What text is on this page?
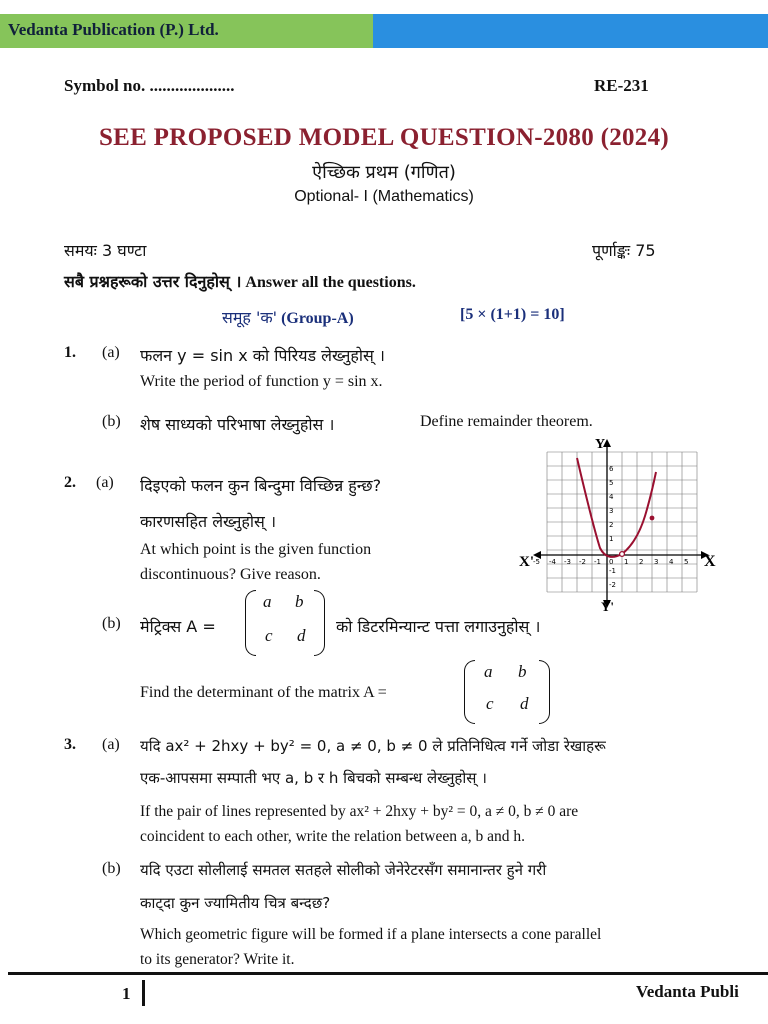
Vedanta Publication (P.) Ltd.
Symbol no. ....................	RE-231
SEE PROPOSED MODEL QUESTION-2080 (2024)
ऐच्छिक प्रथम (गणित)
Optional- I (Mathematics)
समयः 3 घण्टा	पूर्णाङ्कः 75
सबै प्रश्नहरूको उत्तर दिनुहोस् । Answer all the questions.
समूह 'क' (Group-A)	[5 × (1+1) = 10]
1. (a) फलन y = sin x को पिरियड लेख्नुहोस् ।
Write the period of function y = sin x.
(b) शेष साध्यको परिभाषा लेख्नुहोस ।	Define remainder theorem.
2. (a) दिइएको फलन कुन बिन्दुमा विच्छिन्न हुन्छ?
कारणसहित लेख्नुहोस् ।
At which point is the given function
discontinuous? Give reason.
Y
Y'
X
X' -5 -4 -3 -2 -1 0 1 2 3 4 5
6
5
4
3
2
1
-1
-2
(b) मेट्रिक्स A =
a b
c d को डिटरमिन्यान्ट पत्ता लगाउनुहोस् ।
Find the determinant of the matrix A =
a b
c d
3. (a) यदि ax² + 2hxy + by² = 0, a ≠ 0, b ≠ 0 ले प्रतिनिधित्व गर्ने जोडा रेखाहरू
एक-आपसमा सम्पाती भए a, b र h बिचको सम्बन्ध लेख्नुहोस् ।
If the pair of lines represented by ax² + 2hxy + by² = 0, a ≠ 0, b ≠ 0 are
coincident to each other, write the relation between a, b and h.
(b) यदि एउटा सोलीलाई समतल सतहले सोलीको जेनेरेटरसँग समानान्तर हुने गरी
काट्दा कुन ज्यामितीय चित्र बन्दछ?
Which geometric figure will be formed if a plane intersects a cone parallel
to its generator? Write it.
1	Vedanta Publi
